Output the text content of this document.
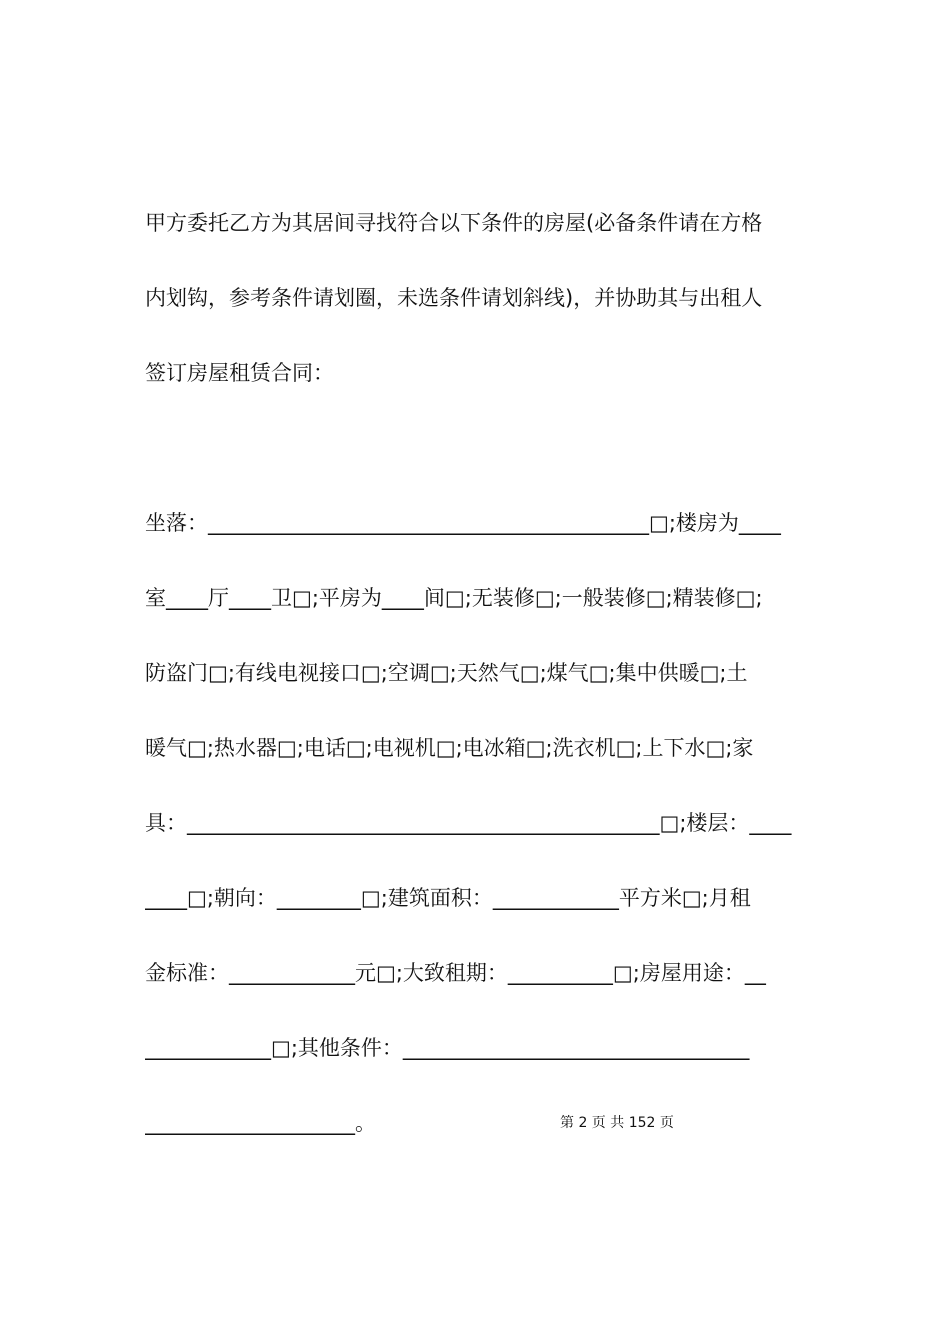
甲方委托乙方为其居间寻找符合以下条件的房屋(必备条件请在方格
内划钩，参考条件请划圈，未选条件请划斜线)，并协助其与出租人
签订房屋租赁合同：
坐落：__________________________________________□;楼房为____
室____厅____卫□;平房为____间□;无装修□;一般装修□;精装修□;
防盗门□;有线电视接口□;空调□;天然气□;煤气□;集中供暖□;土
暖气□;热水器□;电话□;电视机□;电冰箱□;洗衣机□;上下水□;家
具：_____________________________________________□;楼层：____
____□;朝向：________□;建筑面积：____________平方米□;月租
金标准：____________元□;大致租期：__________□;房屋用途：__
____________□;其他条件：_________________________________
____________________。	第 2 页 共 152 页
